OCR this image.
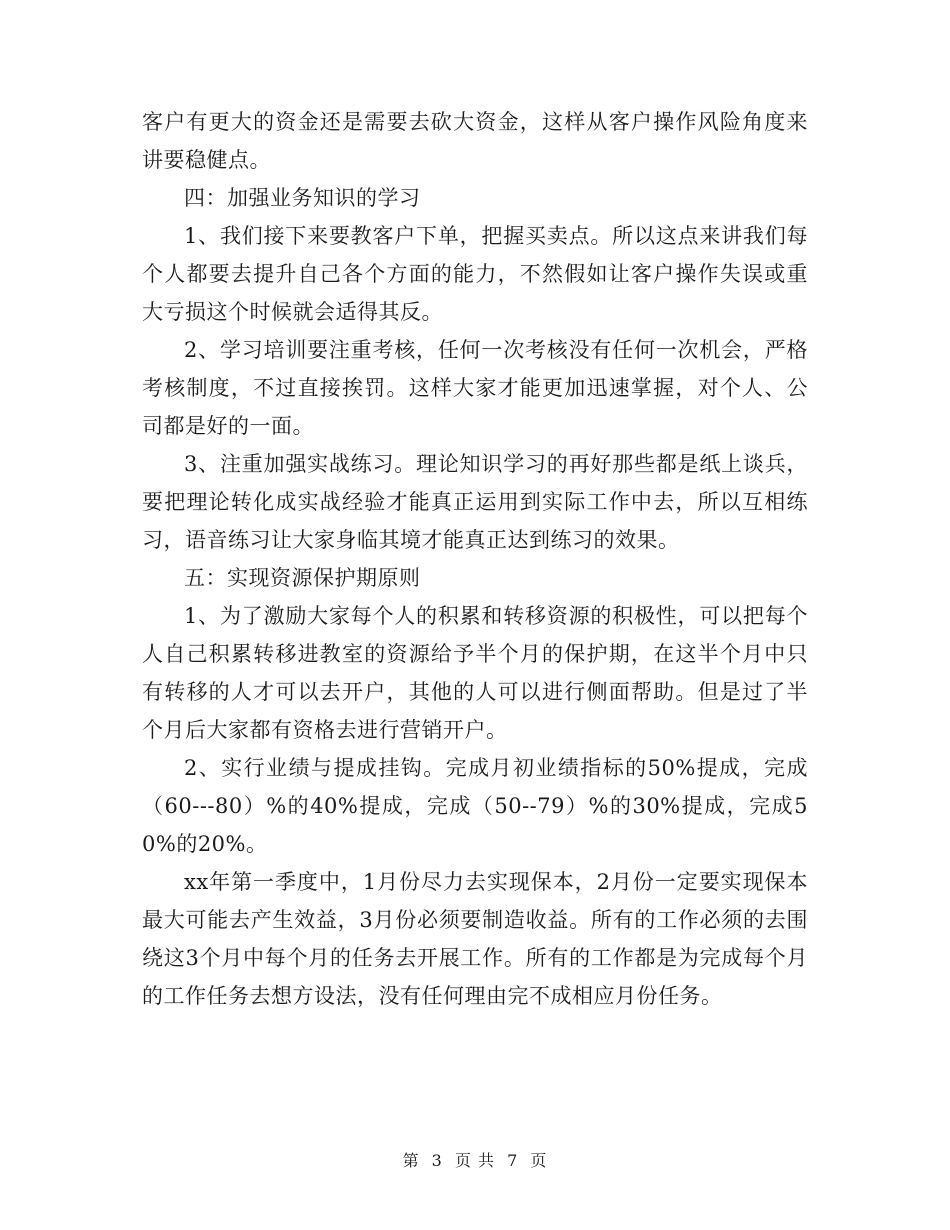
客户有更大的资金还是需要去砍大资金，这样从客户操作风险角度来讲要稳健点。

四：加强业务知识的学习

1、我们接下来要教客户下单，把握买卖点。所以这点来讲我们每个人都要去提升自己各个方面的能力，不然假如让客户操作失误或重大亏损这个时候就会适得其反。

2、学习培训要注重考核，任何一次考核没有任何一次机会，严格考核制度，不过直接挨罚。这样大家才能更加迅速掌握，对个人、公司都是好的一面。

3、注重加强实战练习。理论知识学习的再好那些都是纸上谈兵，要把理论转化成实战经验才能真正运用到实际工作中去，所以互相练习，语音练习让大家身临其境才能真正达到练习的效果。

五：实现资源保护期原则

1、为了激励大家每个人的积累和转移资源的积极性，可以把每个人自己积累转移进教室的资源给予半个月的保护期，在这半个月中只有转移的人才可以去开户，其他的人可以进行侧面帮助。但是过了半个月后大家都有资格去进行营销开户。

2、实行业绩与提成挂钩。完成月初业绩指标的50%提成，完成（60---80）%的40%提成，完成（50--79）%的30%提成，完成50%的20%。

xx年第一季度中，1月份尽力去实现保本，2月份一定要实现保本最大可能去产生效益，3月份必须要制造收益。所有的工作必须的去围绕这3个月中每个月的任务去开展工作。所有的工作都是为完成每个月的工作任务去想方设法，没有任何理由完不成相应月份任务。

第 3 页 共 7 页
